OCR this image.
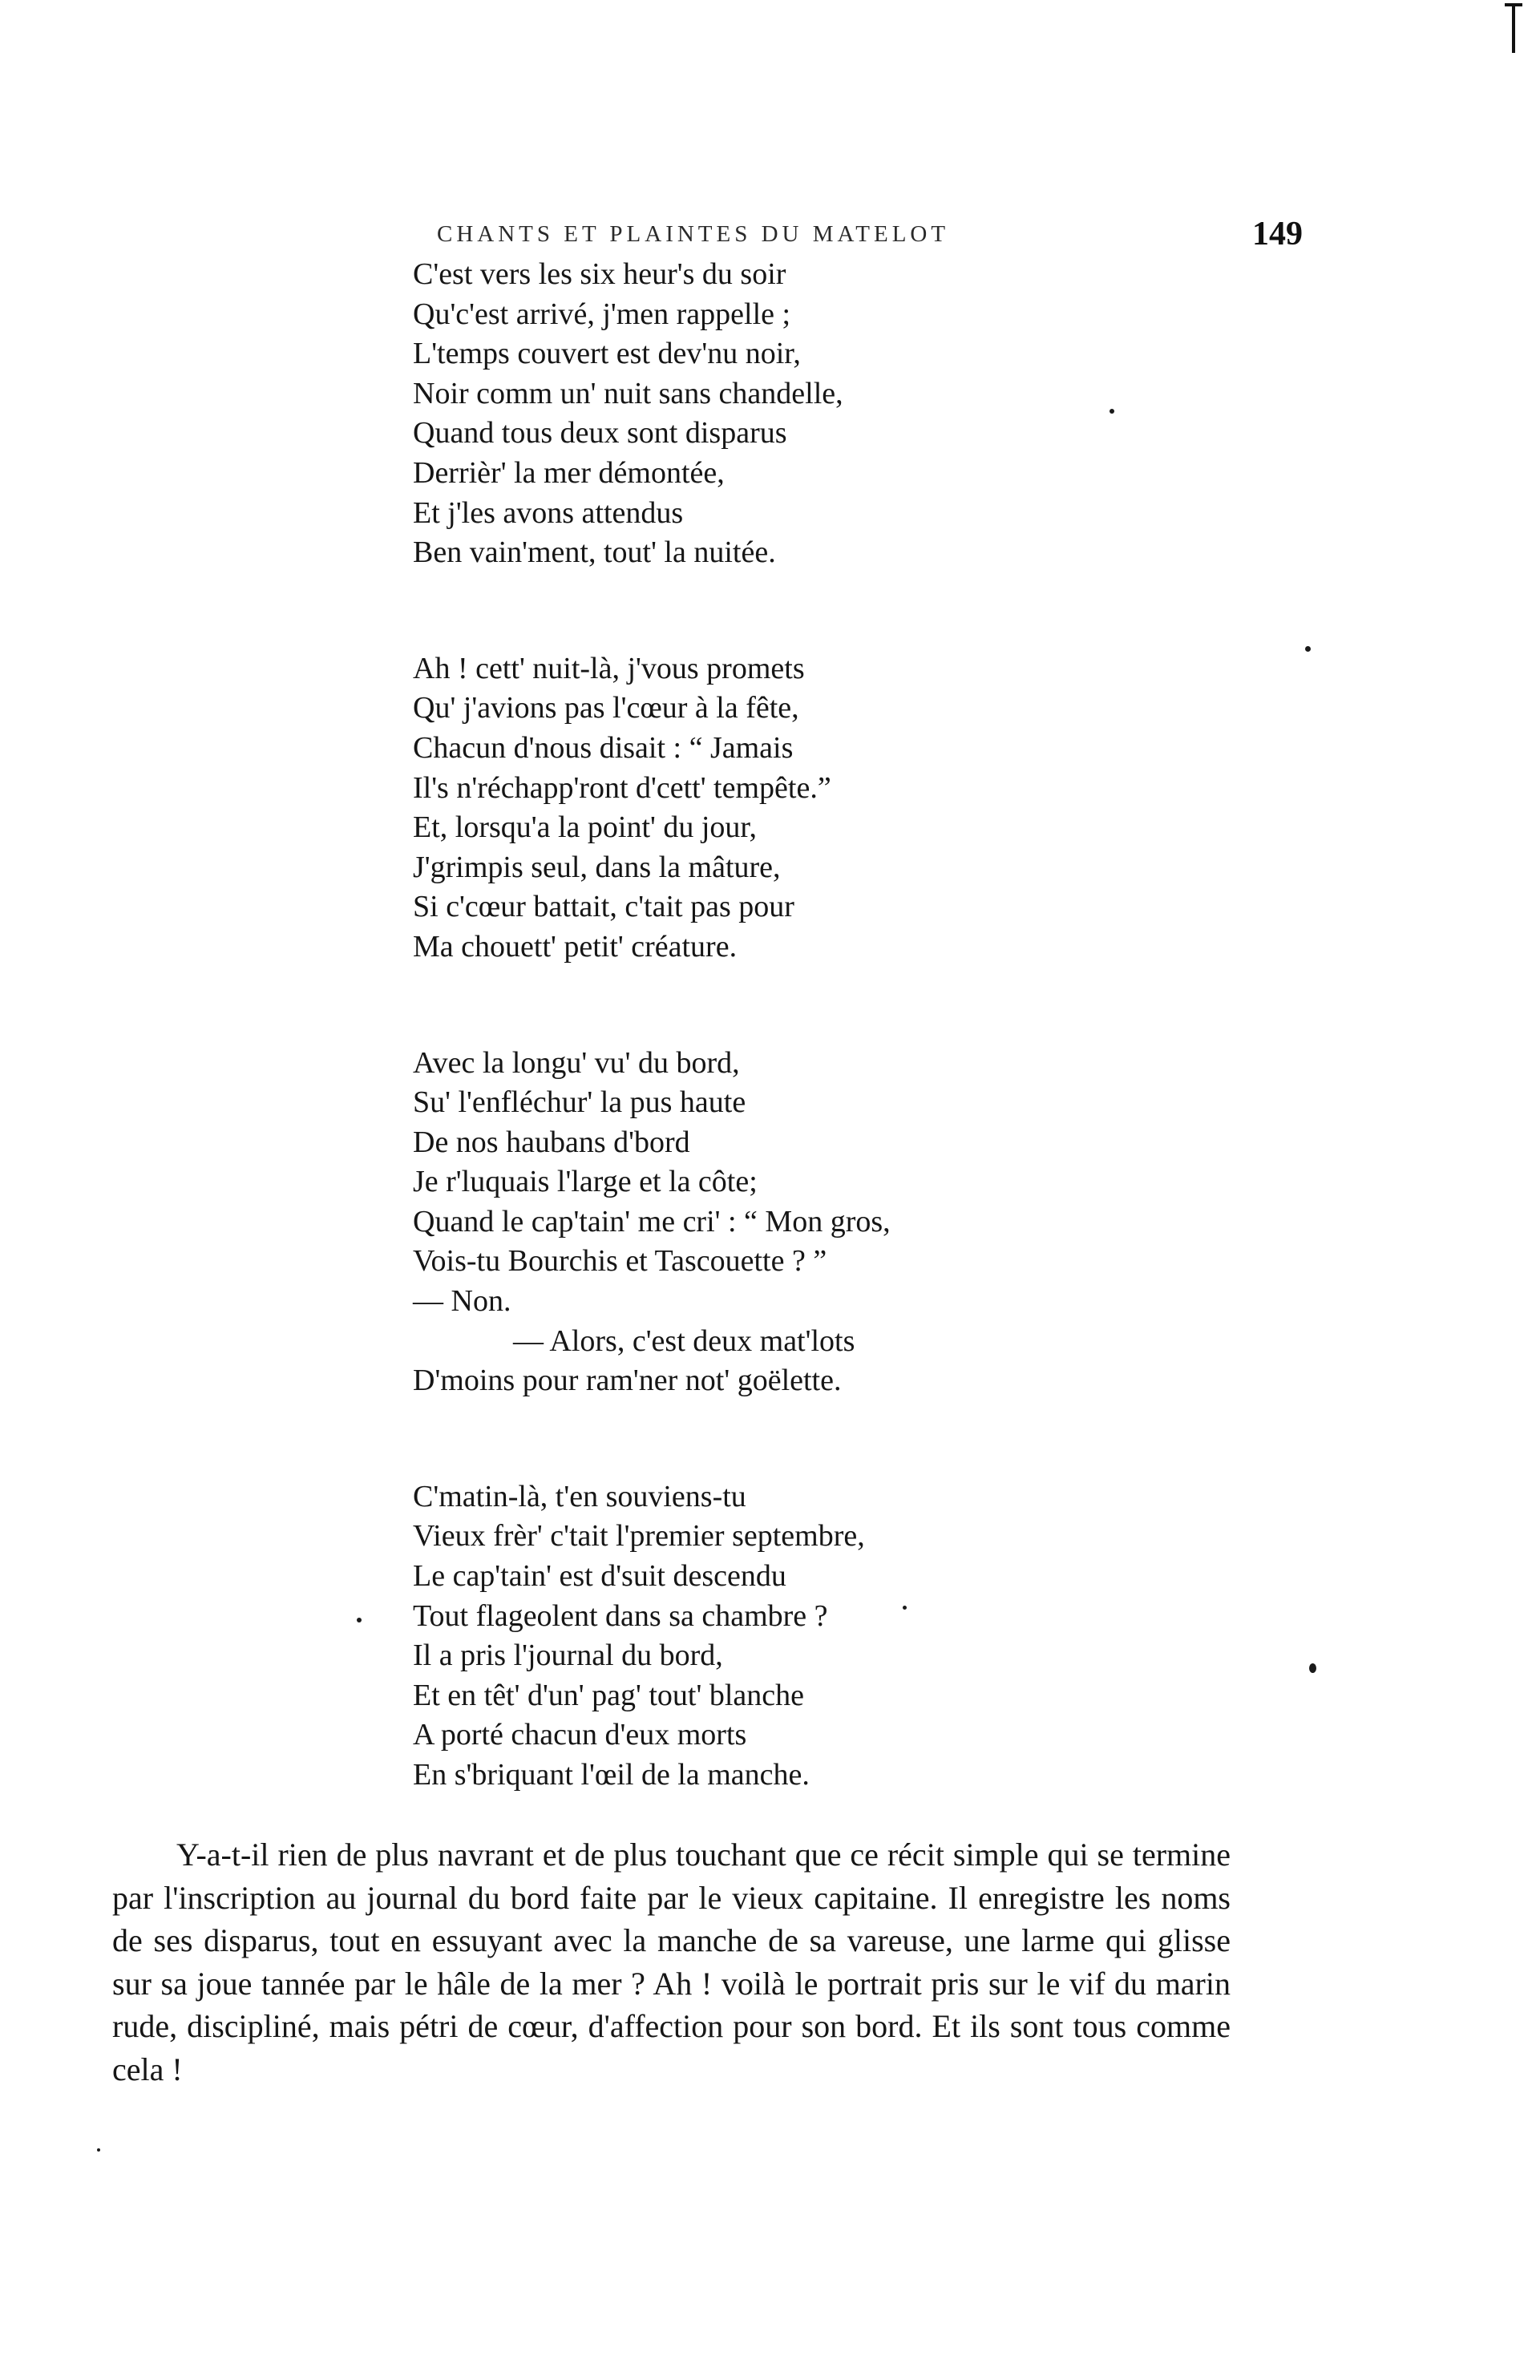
CHANTS ET PLAINTES DU MATELOT	149
C'est vers les six heur's du soir
Qu'c'est arrivé, j'men rappelle ;
L'temps couvert est dev'nu noir,
Noir comm un' nuit sans chandelle,
Quand tous deux sont disparus
Derrièr' la mer démontée,
Et j'les avons attendus
Ben vain'ment, tout' la nuitée.
Ah ! cett' nuit-là, j'vous promets
Qu' j'avions pas l'cœur à la fête,
Chacun d'nous disait : “ Jamais
Il's n'réchapp'ront d'cett' tempête.”
Et, lorsqu'a la point' du jour,
J'grimpis seul, dans la mâture,
Si c'cœur battait, c'tait pas pour
Ma chouett' petit' créature.
Avec la longu' vu' du bord,
Su' l'enfléchur' la pus haute
De nos haubans d'bord
Je r'luquais l'large et la côte;
Quand le cap'tain' me cri' : “ Mon gros,
Vois-tu Bourchis et Tascouette ? ”
— Non.
— Alors, c'est deux mat'lots
D'moins pour ram'ner not' goëlette.
C'matin-là, t'en souviens-tu
Vieux frèr' c'tait l'premier septembre,
Le cap'tain' est d'suit descendu
Tout flageolent dans sa chambre ?
Il a pris l'journal du bord,
Et en têt' d'un' pag' tout' blanche
A porté chacun d'eux morts
En s'briquant l'œil de la manche.

Y-a-t-il rien de plus navrant et de plus touchant que ce récit simple qui se termine par l'inscription au journal du bord faite par le vieux capitaine. Il enregistre les noms de ses disparus, tout en essuyant avec la manche de sa vareuse, une larme qui glisse sur sa joue tannée par le hâle de la mer ? Ah ! voilà le portrait pris sur le vif du marin rude, discipliné, mais pétri de cœur, d'affection pour son bord. Et ils sont tous comme cela !
